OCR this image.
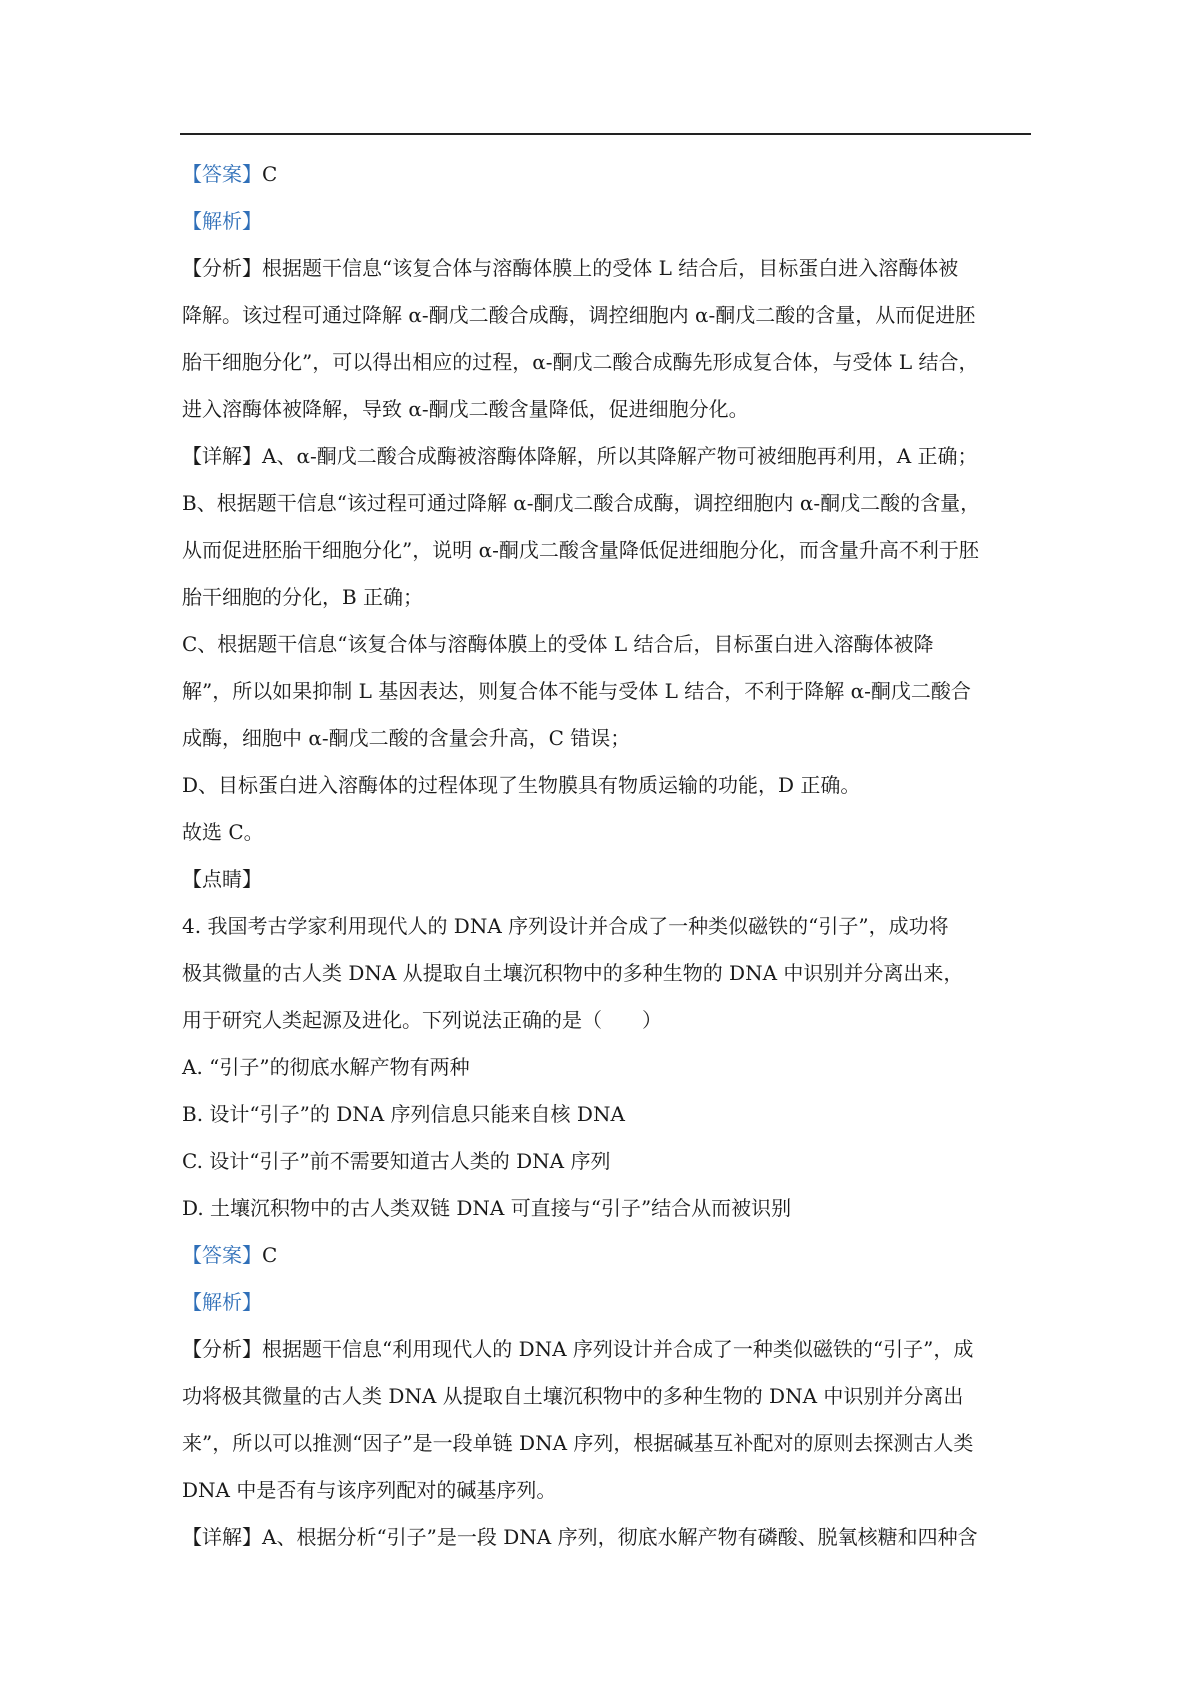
【答案】C
【解析】
【分析】根据题干信息“该复合体与溶酶体膜上的受体 L 结合后，目标蛋白进入溶酶体被
降解。该过程可通过降解 α-酮戊二酸合成酶，调控细胞内 α-酮戊二酸的含量，从而促进胚
胎干细胞分化”，可以得出相应的过程，α-酮戊二酸合成酶先形成复合体，与受体 L 结合，
进入溶酶体被降解，导致 α-酮戊二酸含量降低，促进细胞分化。
【详解】A、α-酮戊二酸合成酶被溶酶体降解，所以其降解产物可被细胞再利用，A 正确；
B、根据题干信息“该过程可通过降解 α-酮戊二酸合成酶，调控细胞内 α-酮戊二酸的含量，
从而促进胚胎干细胞分化”，说明 α-酮戊二酸含量降低促进细胞分化，而含量升高不利于胚
胎干细胞的分化，B 正确；
C、根据题干信息“该复合体与溶酶体膜上的受体 L 结合后，目标蛋白进入溶酶体被降
解”，所以如果抑制 L 基因表达，则复合体不能与受体 L 结合，不利于降解 α-酮戊二酸合
成酶，细胞中 α-酮戊二酸的含量会升高，C 错误；
D、目标蛋白进入溶酶体的过程体现了生物膜具有物质运输的功能，D 正确。
故选 C。
【点睛】
4. 我国考古学家利用现代人的 DNA 序列设计并合成了一种类似磁铁的“引子”，成功将
极其微量的古人类 DNA 从提取自土壤沉积物中的多种生物的 DNA 中识别并分离出来，
用于研究人类起源及进化。下列说法正确的是（　　）
A. “引子”的彻底水解产物有两种
B. 设计“引子”的 DNA 序列信息只能来自核 DNA
C. 设计“引子”前不需要知道古人类的 DNA 序列
D. 土壤沉积物中的古人类双链 DNA 可直接与“引子”结合从而被识别
【答案】C
【解析】
【分析】根据题干信息“利用现代人的 DNA 序列设计并合成了一种类似磁铁的“引子”，成
功将极其微量的古人类 DNA 从提取自土壤沉积物中的多种生物的 DNA 中识别并分离出
来”，所以可以推测“因子”是一段单链 DNA 序列，根据碱基互补配对的原则去探测古人类
DNA 中是否有与该序列配对的碱基序列。
【详解】A、根据分析“引子”是一段 DNA 序列，彻底水解产物有磷酸、脱氧核糖和四种含
